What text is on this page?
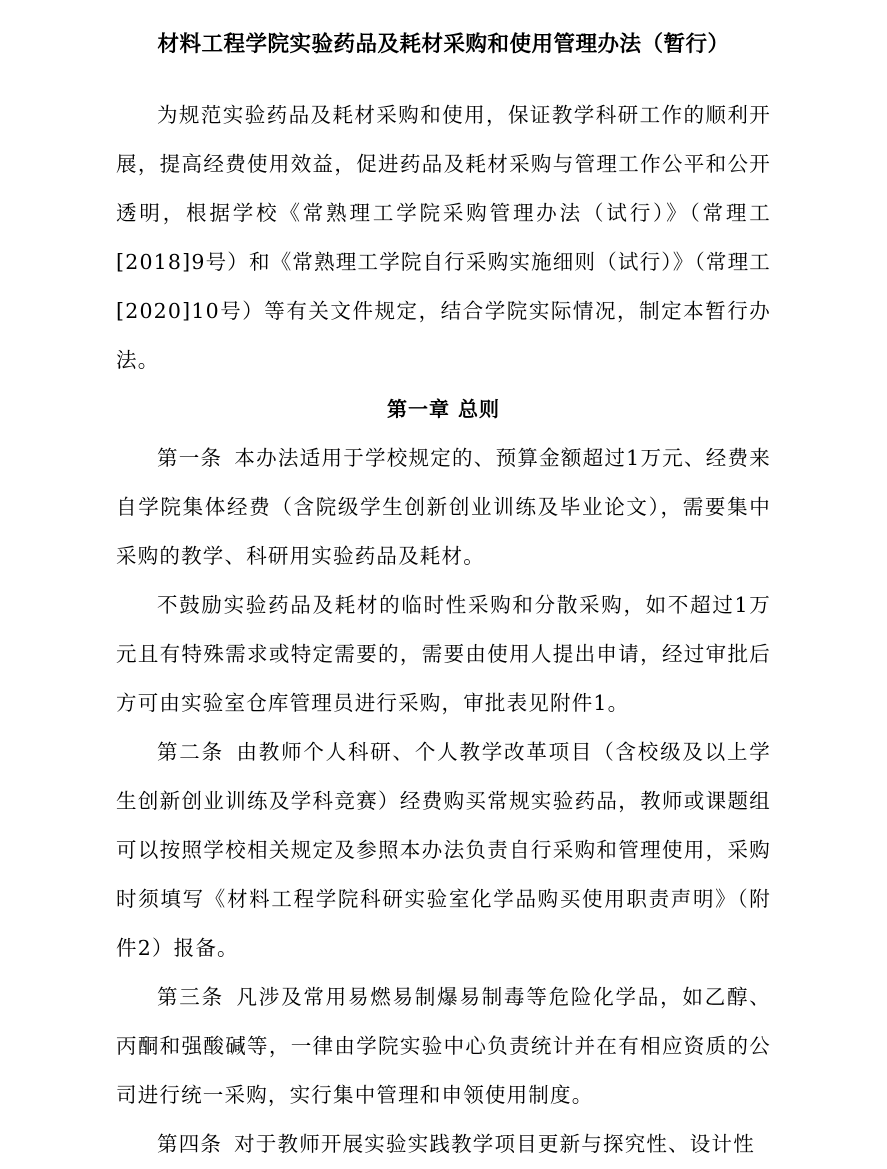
材料工程学院实验药品及耗材采购和使用管理办法（暂行）

为规范实验药品及耗材采购和使用，保证教学科研工作的顺利开展，提高经费使用效益，促进药品及耗材采购与管理工作公平和公开透明，根据学校《常熟理工学院采购管理办法（试行）》（常理工[2018]9号）和《常熟理工学院自行采购实施细则（试行）》（常理工[2020]10号）等有关文件规定，结合学院实际情况，制定本暂行办法。

第一章 总则

第一条 本办法适用于学校规定的、预算金额超过1万元、经费来自学院集体经费（含院级学生创新创业训练及毕业论文），需要集中采购的教学、科研用实验药品及耗材。

不鼓励实验药品及耗材的临时性采购和分散采购，如不超过1万元且有特殊需求或特定需要的，需要由使用人提出申请，经过审批后方可由实验室仓库管理员进行采购，审批表见附件1。

第二条 由教师个人科研、个人教学改革项目（含校级及以上学生创新创业训练及学科竞赛）经费购买常规实验药品，教师或课题组可以按照学校相关规定及参照本办法负责自行采购和管理使用，采购时须填写《材料工程学院科研实验室化学品购买使用职责声明》（附件2）报备。

第三条 凡涉及常用易燃易制爆易制毒等危险化学品，如乙醇、丙酮和强酸碱等，一律由学院实验中心负责统计并在有相应资质的公司进行统一采购，实行集中管理和申领使用制度。

第四条 对于教师开展实验实践教学项目更新与探究性、设计性
